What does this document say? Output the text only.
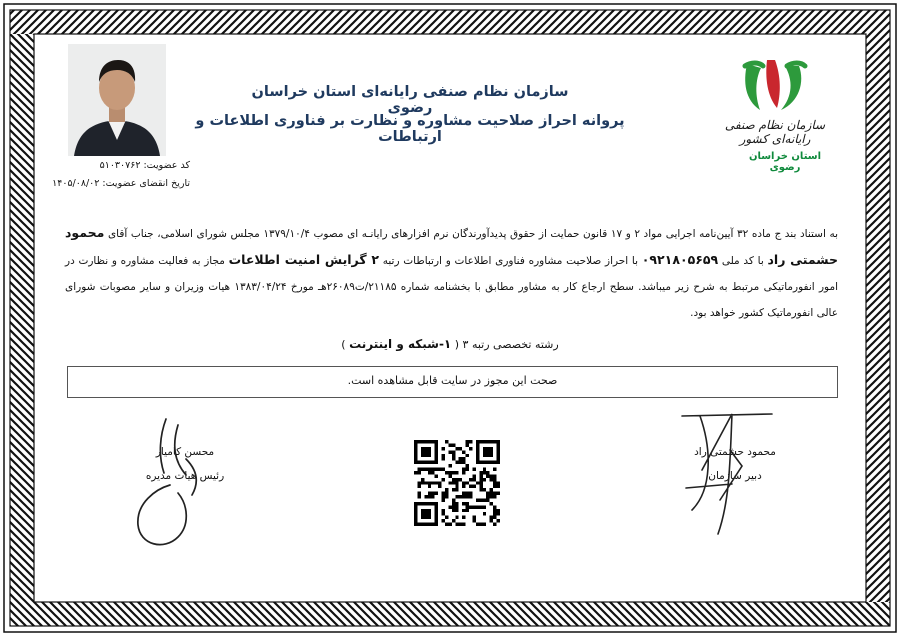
سازمان نظام صنفی رایانه‌ای کشور
استان خراسان رضوی
سازمان نظام صنفی رایانه‌ای استان خراسان رضوی
پروانه احراز صلاحیت مشاوره و نظارت بر فناوری اطلاعات و ارتباطات
کد عضویت: ۵۱۰۳۰۷۶۲
تاریخ انقضای عضویت: ۱۴۰۵/۰۸/۰۲
به استناد بند ج ماده ۳۲ آیین‌نامه اجرایی مواد ۲ و ۱۷ قانون حمایت از حقوق پدیدآورندگان نرم افزارهای رایانـه ای مصوب ۱۳۷۹/۱۰/۴ مجلس شورای اسلامی، جناب آقای محمود حشمتی راد با کد ملی ۰۹۲۱۸۰۵۶۵۹ با احراز صلاحیت مشاوره فناوری اطلاعات و ارتباطات رتبه ۲ گرایش امنیت اطلاعات مجاز به فعالیت مشاوره و نظارت در امور انفورماتیکی مرتبط به شرح زیر میباشد. سطح ارجاع کار به مشاور مطابق با بخشنامه شماره ۲۱۱۸۵/ت۲۶۰۸۹هـ مورخ ۱۳۸۳/۰۴/۲۴ هیات وزیران و سایر مصوبات شورای عالی انفورماتیک کشور خواهد بود.
رشته تخصصی رتبه ۳ ( ۱-شبکه و اینترنت )
صحت این مجوز در سایت قابل مشاهده است.
محمود حشمتی راد
دبیر سازمان
محسن کامیار
رئیس هیات مدیره
